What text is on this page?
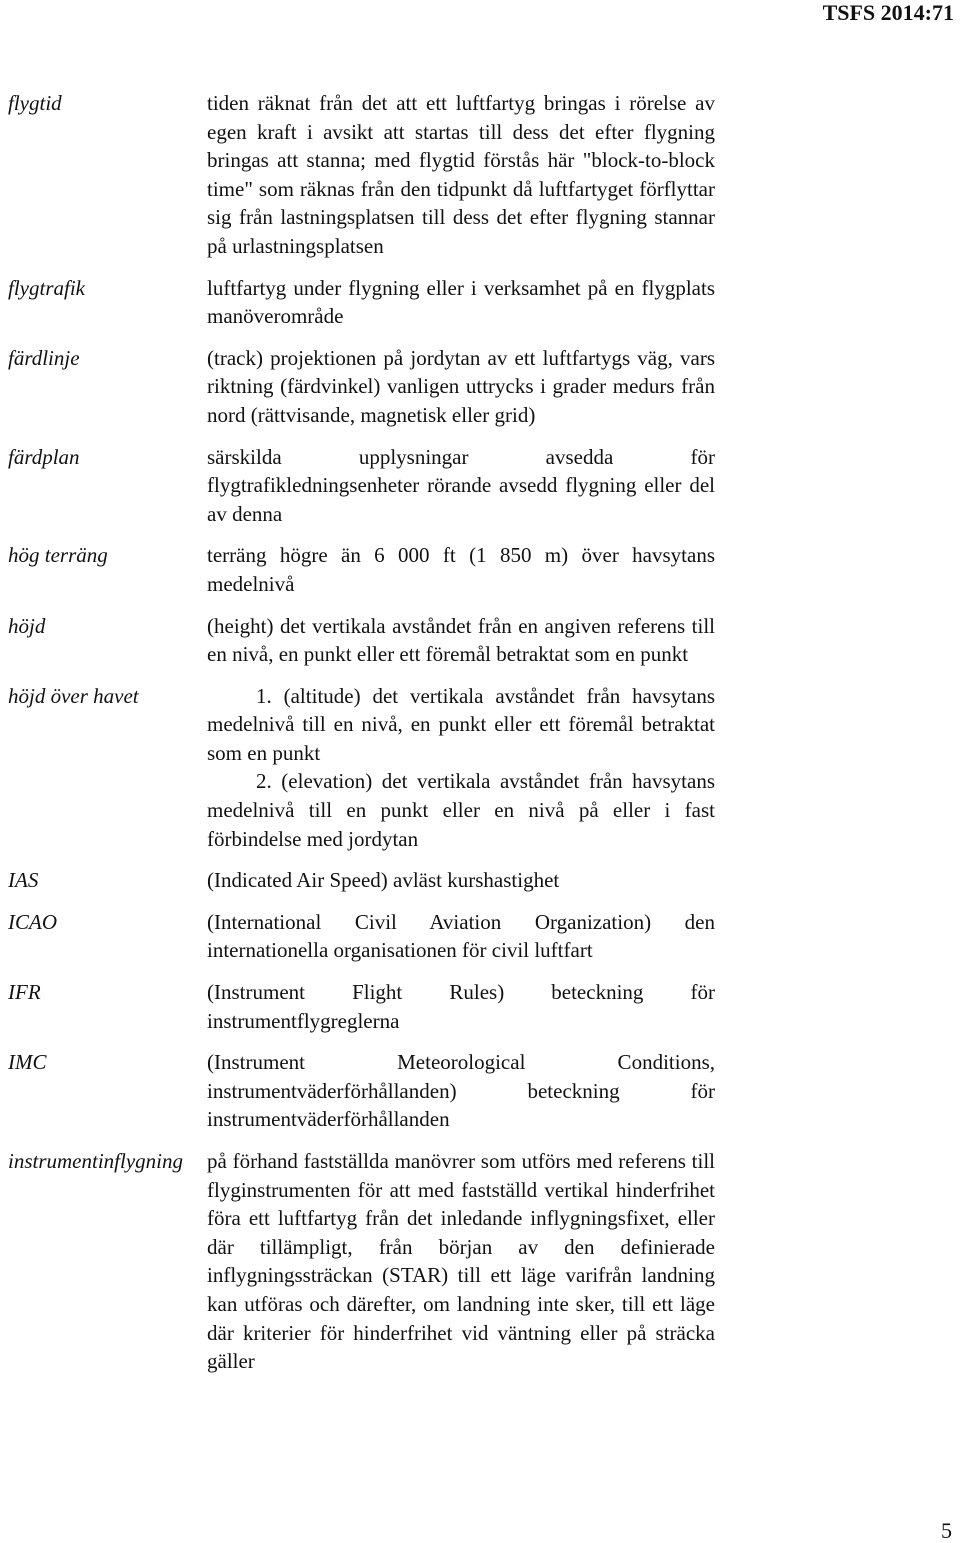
TSFS 2014:71
flygtid	tiden räknat från det att ett luftfartyg bringas i rörelse av egen kraft i avsikt att startas till dess det efter flygning bringas att stanna; med flygtid förstås här "block-to-block time" som räknas från den tidpunkt då luftfartyget förflyttar sig från lastningsplatsen till dess det efter flygning stannar på urlastningsplatsen
flygtrafik	luftfartyg under flygning eller i verksamhet på en flygplats manöverområde
färdlinje	(track) projektionen på jordytan av ett luftfartygs väg, vars riktning (färdvinkel) vanligen uttrycks i grader medurs från nord (rättvisande, magnetisk eller grid)
färdplan	särskilda upplysningar avsedda för flygtrafikledningsenheter rörande avsedd flygning eller del av denna
hög terräng	terräng högre än 6 000 ft (1 850 m) över havsytans medelnivå
höjd	(height) det vertikala avståndet från en angiven referens till en nivå, en punkt eller ett föremål betraktat som en punkt
höjd över havet	1. (altitude) det vertikala avståndet från havsytans medelnivå till en nivå, en punkt eller ett föremål betraktat som en punkt

2. (elevation) det vertikala avståndet från havsytans medelnivå till en punkt eller en nivå på eller i fast förbindelse med jordytan

IAS	(Indicated Air Speed) avläst kurshastighet
ICAO	(International Civil Aviation Organization) den internationella organisationen för civil luftfart
IFR	(Instrument Flight Rules) beteckning för instrumentflygreglerna
IMC	(Instrument Meteorological Conditions, instrumentväderförhållanden) beteckning för instrumentväderförhållanden
instrumentinflygning	på förhand fastställda manövrer som utförs med referens till flyginstrumenten för att med fastställd vertikal hinderfrihet föra ett luftfartyg från det inledande inflygningsfixet, eller där tillämpligt, från början av den definierade inflygningssträckan (STAR) till ett läge varifrån landning kan utföras och därefter, om landning inte sker, till ett läge där kriterier för hinderfrihet vid väntning eller på sträcka gäller
5
